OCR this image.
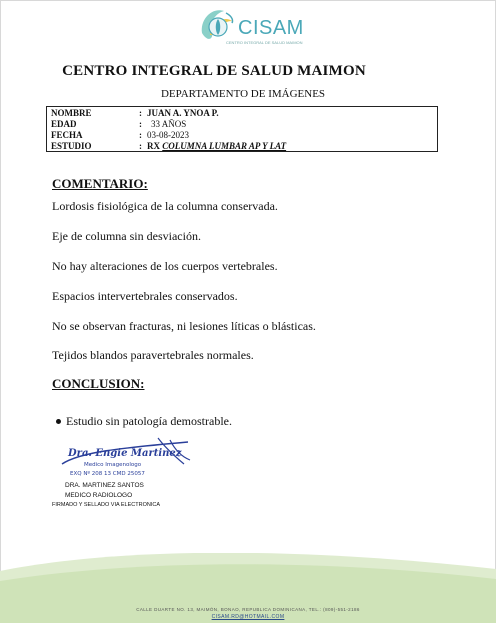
CISAM
CENTRO INTEGRAL DE SALUD MAIMON
CENTRO INTEGRAL DE SALUD MAIMON
DEPARTAMENTO DE IMÁGENES
NOMBRE	: JUAN A. YNOA P.
EDAD	: 33 AÑOS
FECHA	: 03-08-2023
ESTUDIO	: RX COLUMNA LUMBAR AP Y LAT
COMENTARIO:
Lordosis fisiológica de la columna conservada.
Eje de columna sin desviación.
No hay alteraciones de los cuerpos vertebrales.
Espacios intervertebrales conservados.
No se observan fracturas, ni lesiones líticas o blásticas.
Tejidos blandos paravertebrales normales.
CONCLUSION:
Estudio sin patología demostrable.
Dra. Engie Martinez
Medico Imagenologo
EXQ Nº 208 13 CMD 25057
DRA. MARTINEZ SANTOS
MEDICO RADIOLOGO
FIRMADO Y SELLADO VIA ELECTRONICA
CALLE DUARTE NO. 13, MAIMÓN, BONAO, REPUBLICA DOMINICANA, TEL.: (809)-551-2186
CISAM.RD@HOTMAIL.COM
